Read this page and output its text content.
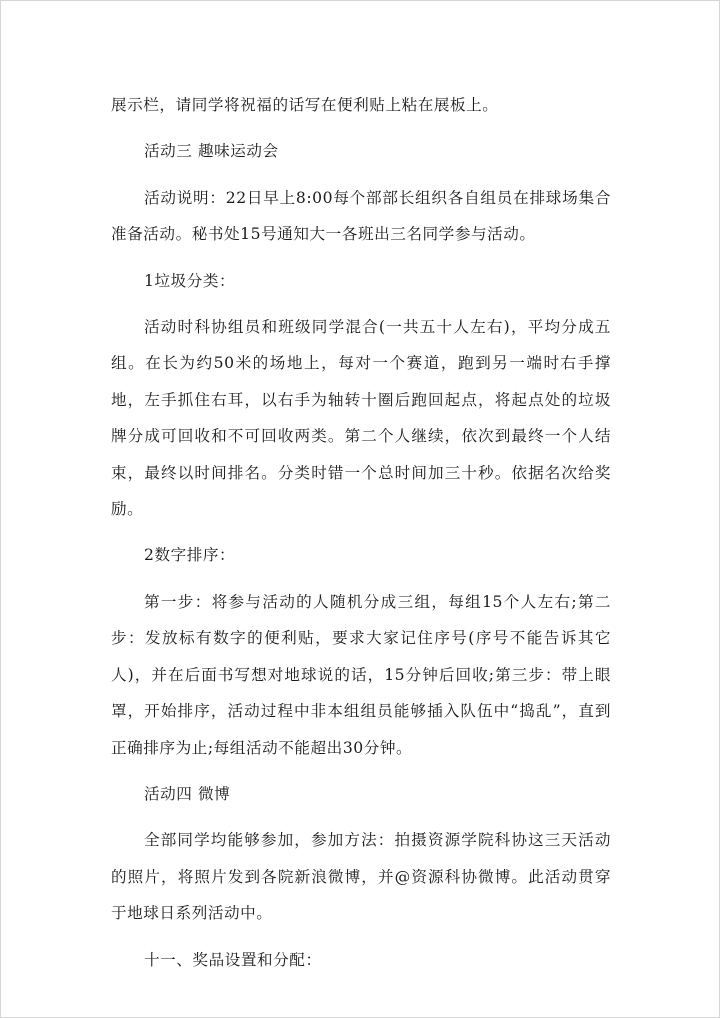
展示栏，请同学将祝福的话写在便利贴上粘在展板上。

活动三 趣味运动会

活动说明：22日早上8:00每个部部长组织各自组员在排球场集合准备活动。秘书处15号通知大一各班出三名同学参与活动。

1垃圾分类：

活动时科协组员和班级同学混合(一共五十人左右)，平均分成五组。在长为约50米的场地上，每对一个赛道，跑到另一端时右手撑地，左手抓住右耳，以右手为轴转十圈后跑回起点，将起点处的垃圾牌分成可回收和不可回收两类。第二个人继续，依次到最终一个人结束，最终以时间排名。分类时错一个总时间加三十秒。依据名次给奖励。

2数字排序：

第一步：将参与活动的人随机分成三组，每组15个人左右;第二步：发放标有数字的便利贴，要求大家记住序号(序号不能告诉其它人)，并在后面书写想对地球说的话，15分钟后回收;第三步：带上眼罩，开始排序，活动过程中非本组组员能够插入队伍中“捣乱”，直到正确排序为止;每组活动不能超出30分钟。

活动四 微博

全部同学均能够参加，参加方法：拍摄资源学院科协这三天活动的照片，将照片发到各院新浪微博，并@资源科协微博。此活动贯穿于地球日系列活动中。

十一、奖品设置和分配：
